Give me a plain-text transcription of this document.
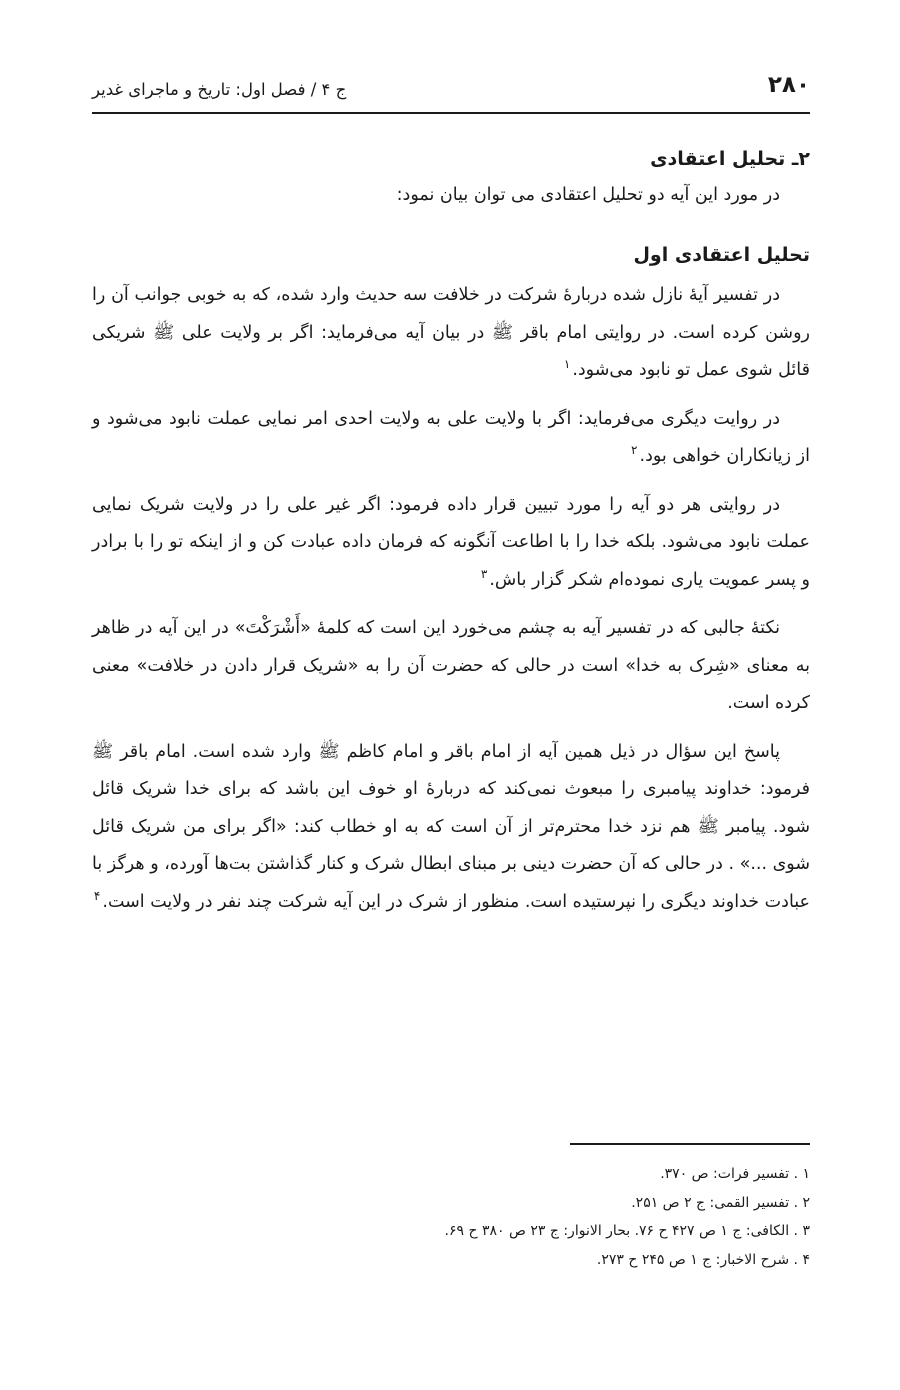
۲۸۰
ج ۴ / فصل اول: تاریخ و ماجرای غدیر
۲ـ تحلیل اعتقادی

در مورد این آیه دو تحلیل اعتقادی می توان بیان نمود:

تحلیل اعتقادی اول

در تفسیر آیهٔ نازل شده دربارهٔ شرکت در خلافت سه حدیث وارد شده، که به خوبی جوانب آن را روشن کرده است. در روایتی امام باقر ﷺ در بیان آیه می‌فرماید: اگر بر ولایت علی ﷺ شریکی قائل شوی عمل تو نابود می‌شود.$^۱$

در روایت دیگری می‌فرماید: اگر با ولایت علی به ولایت احدی امر نمایی عملت نابود می‌شود و از زیانکاران خواهی بود.$^۲$

در روایتی هر دو آیه را مورد تبیین قرار داده فرمود: اگر غیر علی را در ولایت شریک نمایی عملت نابود می‌شود. بلکه خدا را با اطاعت آنگونه که فرمان داده عبادت کن و از اینکه تو را با برادر و پسر عمویت یاری نموده‌ام شکر گزار باش.$^۳$

نکتهٔ جالبی که در تفسیر آیه به چشم می‌خورد این است که کلمهٔ «أَشْرَكْتَ» در این آیه در ظاهر به معنای «شِرک به خدا» است در حالی که حضرت آن را به «شریک قرار دادن در خلافت» معنی کرده است.

پاسخ این سؤال در ذیل همین آیه از امام باقر و امام کاظم ﷺ وارد شده است. امام باقر ﷺ فرمود: خداوند پیامبری را مبعوث نمی‌کند که دربارهٔ او خوف این باشد که برای خدا شریک قائل شود. پیامبر ﷺ هم نزد خدا محترم‌تر از آن است که به او خطاب کند: «اگر برای من شریک قائل شوی ...» . در حالی که آن حضرت دینی بر مبنای ابطال شرک و کنار گذاشتن بت‌ها آورده، و هرگز با عبادت خداوند دیگری را نپرستیده است. منظور از شرک در این آیه شرکت چند نفر در ولایت است.$^۴$

۱ . تفسیر فرات: ص ۳۷۰.
۲ . تفسیر القمی: ج ۲ ص ۲۵۱.
۳ . الکافی: ج ۱ ص ۴۲۷ ح ۷۶. بحار الانوار: ج ۲۳ ص ۳۸۰ ح ۶۹.
۴ . شرح الاخبار: ج ۱ ص ۲۴۵ ح ۲۷۳.
